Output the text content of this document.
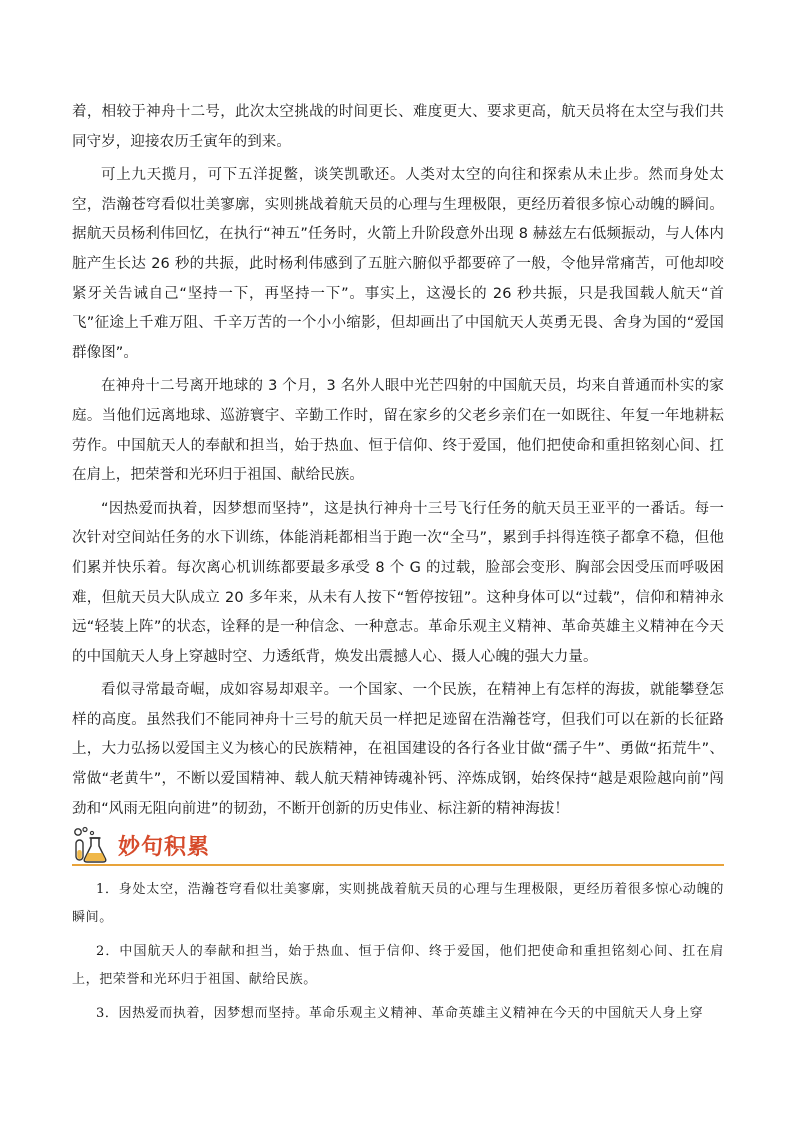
着，相较于神舟十二号，此次太空挑战的时间更长、难度更大、要求更高，航天员将在太空与我们共同守岁，迎接农历壬寅年的到来。

可上九天揽月，可下五洋捉鳖，谈笑凯歌还。人类对太空的向往和探索从未止步。然而身处太空，浩瀚苍穹看似壮美寥廓，实则挑战着航天员的心理与生理极限，更经历着很多惊心动魄的瞬间。据航天员杨利伟回忆，在执行“神五”任务时，火箭上升阶段意外出现 8 赫兹左右低频振动，与人体内脏产生长达 26 秒的共振，此时杨利伟感到了五脏六腑似乎都要碎了一般，令他异常痛苦，可他却咬紧牙关告诫自己“坚持一下，再坚持一下”。事实上，这漫长的 26 秒共振，只是我国载人航天“首飞”征途上千难万阻、千辛万苦的一个小小缩影，但却画出了中国航天人英勇无畏、舍身为国的“爱国群像图”。

在神舟十二号离开地球的 3 个月，3 名外人眼中光芒四射的中国航天员，均来自普通而朴实的家庭。当他们远离地球、巡游寰宇、辛勤工作时，留在家乡的父老乡亲们在一如既往、年复一年地耕耘劳作。中国航天人的奉献和担当，始于热血、恒于信仰、终于爱国，他们把使命和重担铭刻心间、扛在肩上，把荣誉和光环归于祖国、献给民族。

“因热爱而执着，因梦想而坚持”，这是执行神舟十三号飞行任务的航天员王亚平的一番话。每一次针对空间站任务的水下训练，体能消耗都相当于跑一次“全马”，累到手抖得连筷子都拿不稳，但他们累并快乐着。每次离心机训练都要最多承受 8 个 G 的过载，脸部会变形、胸部会因受压而呼吸困难，但航天员大队成立 20 多年来，从未有人按下“暂停按钮”。这种身体可以“过载”，信仰和精神永远“轻装上阵”的状态，诠释的是一种信念、一种意志。革命乐观主义精神、革命英雄主义精神在今天的中国航天人身上穿越时空、力透纸背，焕发出震撼人心、摄人心魄的强大力量。

看似寻常最奇崛，成如容易却艰辛。一个国家、一个民族，在精神上有怎样的海拔，就能攀登怎样的高度。虽然我们不能同神舟十三号的航天员一样把足迹留在浩瀚苍穹，但我们可以在新的长征路上，大力弘扬以爱国主义为核心的民族精神，在祖国建设的各行各业甘做“孺子牛”、勇做“拓荒牛”、常做“老黄牛”，不断以爱国精神、载人航天精神铸魂补钙、淬炼成钢，始终保持“越是艰险越向前”闯劲和“风雨无阻向前进”的韧劲，不断开创新的历史伟业、标注新的精神海拔！

妙句积累

1．身处太空，浩瀚苍穹看似壮美寥廓，实则挑战着航天员的心理与生理极限，更经历着很多惊心动魄的瞬间。

2．中国航天人的奉献和担当，始于热血、恒于信仰、终于爱国，他们把使命和重担铭刻心间、扛在肩上，把荣誉和光环归于祖国、献给民族。

3．因热爱而执着，因梦想而坚持。革命乐观主义精神、革命英雄主义精神在今天的中国航天人身上穿
